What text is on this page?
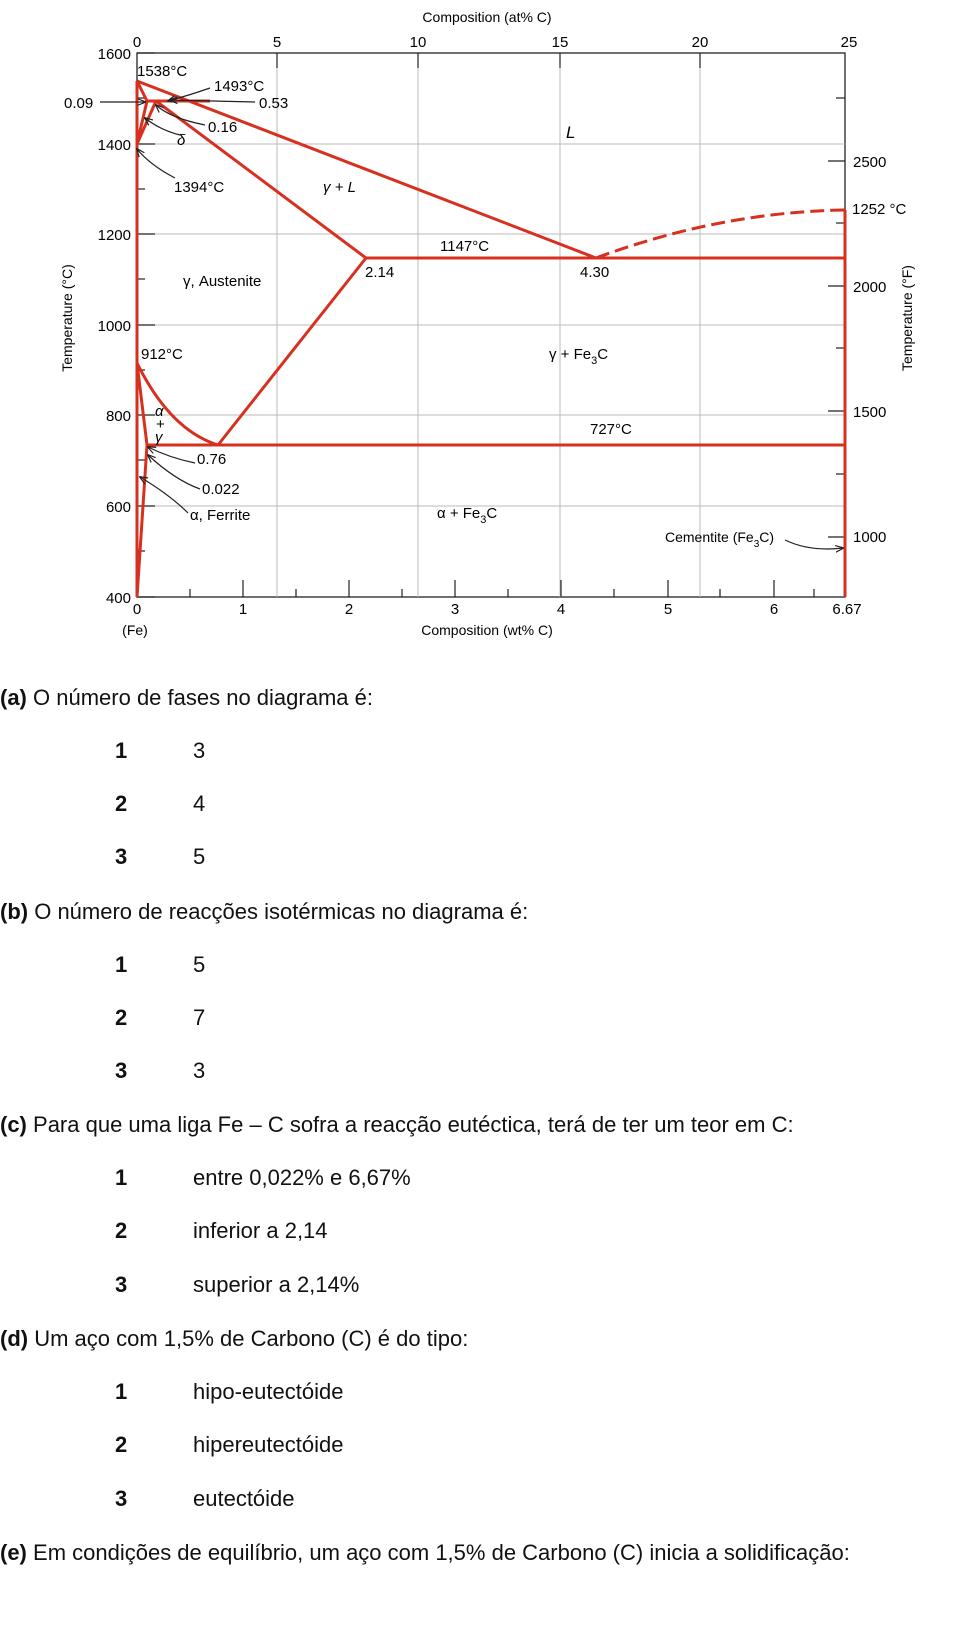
Composition (at% C)
Composition (wt% C)
(Fe)
Temperature (°C)	Temperature (°F)
0	5	10	15	20	25
0	1	2	3	4	5	6	6.67
1600
1400
1200
1000
800
600
400
2500
2000
1500
1000
1538°C
1493°C
0.53
0.09
0.16
δ
1394°C	γ + L
L
1252 °C
1147°C
2.14	4.30
γ, Austenite
912°C	$\gamma + Fe_3C$
α
+
γ	727°C
0.76
0.022
α, Ferrite	$\alpha + Fe_3C$
Cementite $(Fe_3C)$
(a) O número de fases no diagrama é:
1	3
2	4
3	5
(b) O número de reacções isotérmicas no diagrama é:
1	5
2	7
3	3
(c) Para que uma liga Fe – C sofra a reacção eutéctica, terá de ter um teor em C:
1	entre 0,022% e 6,67%
2	inferior a 2,14
3	superior a 2,14%
(d) Um aço com 1,5% de Carbono (C) é do tipo:
1	hipo-eutectóide
2	hipereutectóide
3	eutectóide
(e) Em condições de equilíbrio, um aço com 1,5% de Carbono (C) inicia a solidificação:
